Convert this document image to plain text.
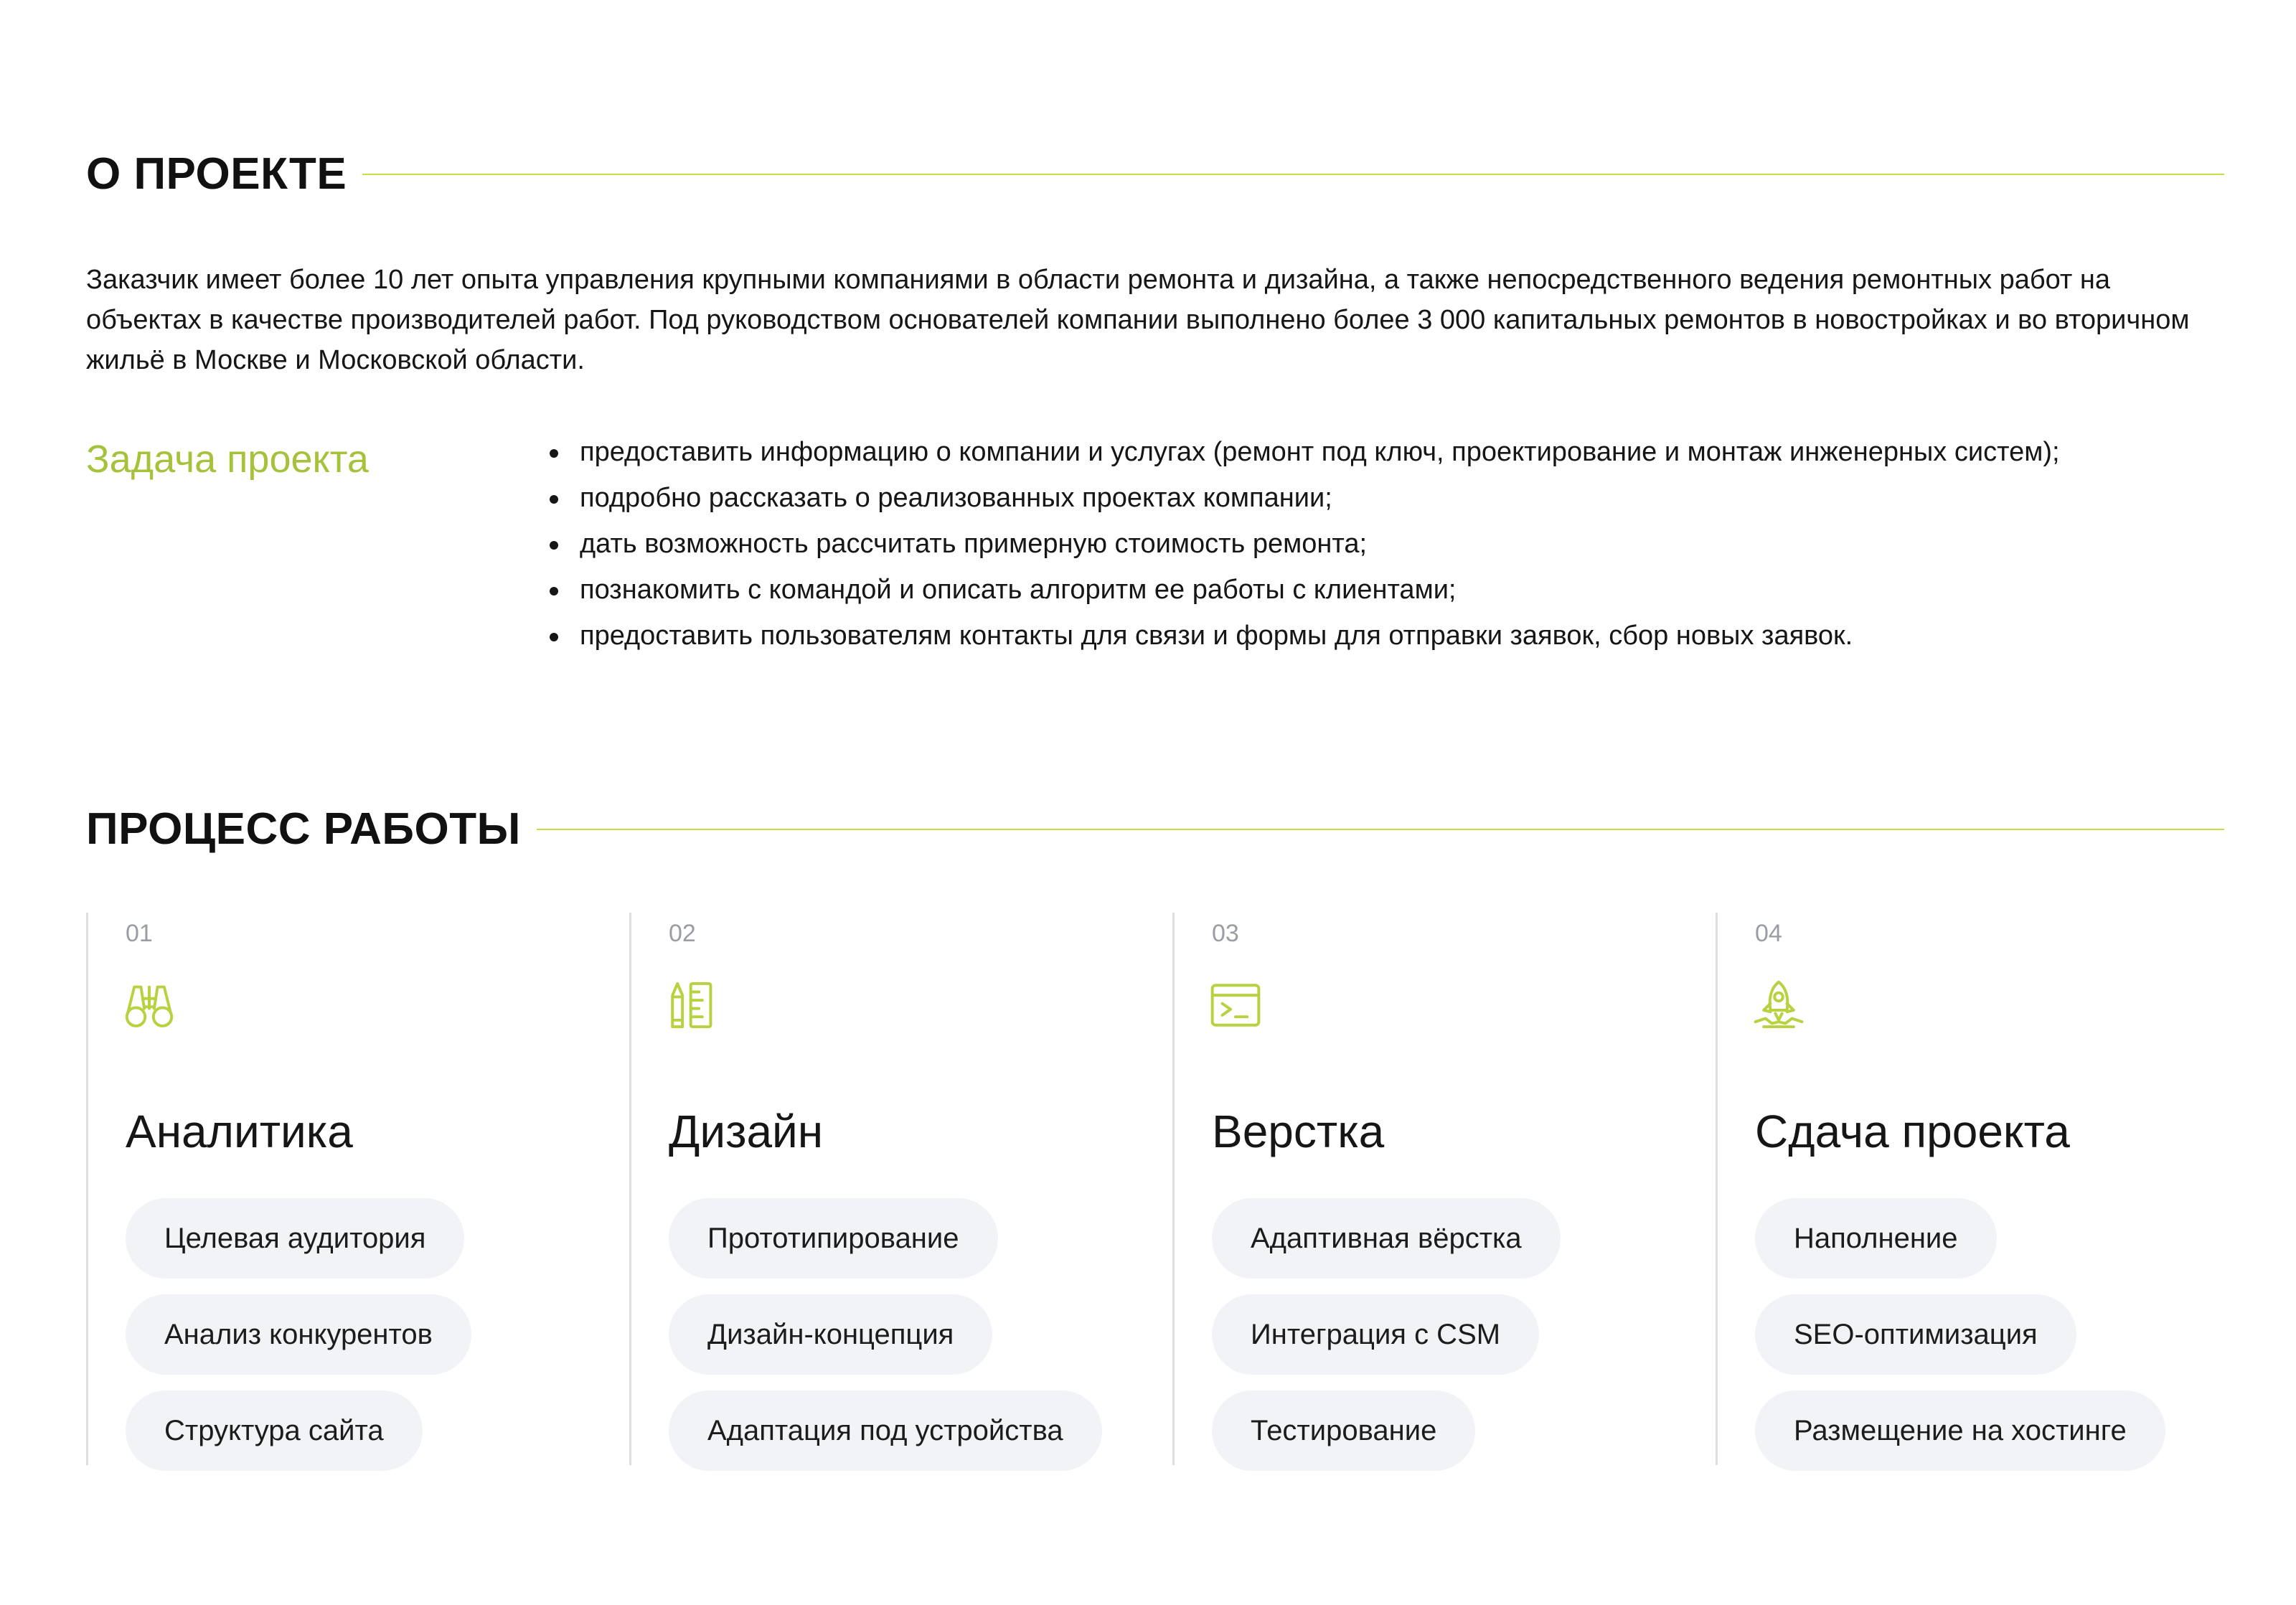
О ПРОЕКТЕ

Заказчик имеет более 10 лет опыта управления крупными компаниями в области ремонта и дизайна, а также непосредственного ведения ремонтных работ на объектах в качестве производителей работ. Под руководством основателей компании выполнено более 3 000 капитальных ремонтов в новостройках и во вторичном жильё в Москве и Московской области.

Задача проекта	предоставить информацию о компании и услугах (ремонт под ключ, проектирование и монтаж инженерных систем);
подробно рассказать о реализованных проектах компании;
дать возможность рассчитать примерную стоимость ремонта;
познакомить с командой и описать алгоритм ее работы с клиентами;
предоставить пользователям контакты для связи и формы для отправки заявок, сбор новых заявок.
ПРОЦЕСС РАБОТЫ
01
Аналитика
Целевая аудитория
Анализ конкурентов
Структура сайта
02
Дизайн
Прототипирование
Дизайн-концепция
Адаптация под устройства
03
Верстка
Адаптивная вёрстка
Интеграция с CSM
Тестирование
04
Сдача проекта
Наполнение
SEO-оптимизация
Размещение на хостинге
